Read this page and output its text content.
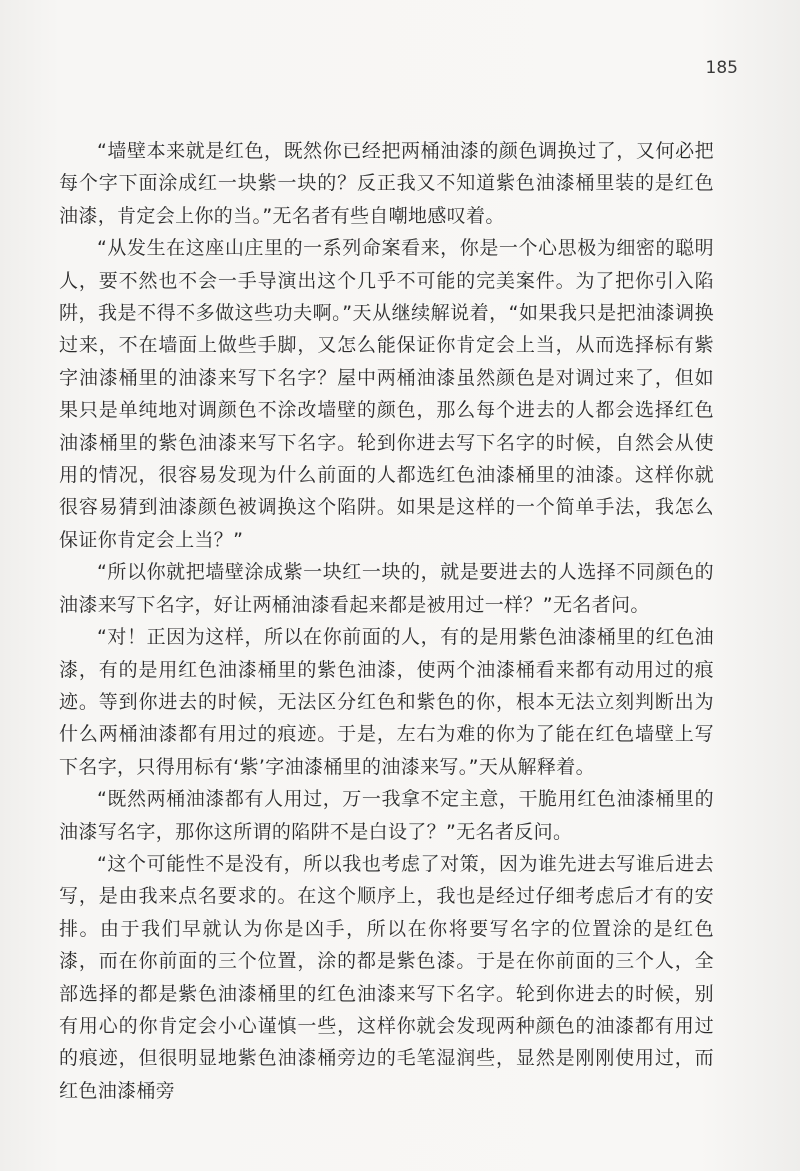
185

“墙壁本来就是红色，既然你已经把两桶油漆的颜色调换过了，又何必把每个字下面涂成红一块紫一块的？反正我又不知道紫色油漆桶里装的是红色油漆，肯定会上你的当。”无名者有些自嘲地感叹着。

“从发生在这座山庄里的一系列命案看来，你是一个心思极为细密的聪明人，要不然也不会一手导演出这个几乎不可能的完美案件。为了把你引入陷阱，我是不得不多做这些功夫啊。”天从继续解说着，“如果我只是把油漆调换过来，不在墙面上做些手脚，又怎么能保证你肯定会上当，从而选择标有紫字油漆桶里的油漆来写下名字？屋中两桶油漆虽然颜色是对调过来了，但如果只是单纯地对调颜色不涂改墙壁的颜色，那么每个进去的人都会选择红色油漆桶里的紫色油漆来写下名字。轮到你进去写下名字的时候，自然会从使用的情况，很容易发现为什么前面的人都选红色油漆桶里的油漆。这样你就很容易猜到油漆颜色被调换这个陷阱。如果是这样的一个简单手法，我怎么保证你肯定会上当？”

“所以你就把墙壁涂成紫一块红一块的，就是要进去的人选择不同颜色的油漆来写下名字，好让两桶油漆看起来都是被用过一样？”无名者问。

“对！正因为这样，所以在你前面的人，有的是用紫色油漆桶里的红色油漆，有的是用红色油漆桶里的紫色油漆，使两个油漆桶看来都有动用过的痕迹。等到你进去的时候，无法区分红色和紫色的你，根本无法立刻判断出为什么两桶油漆都有用过的痕迹。于是，左右为难的你为了能在红色墙壁上写下名字，只得用标有‘紫’字油漆桶里的油漆来写。”天从解释着。

“既然两桶油漆都有人用过，万一我拿不定主意，干脆用红色油漆桶里的油漆写名字，那你这所谓的陷阱不是白设了？”无名者反问。

“这个可能性不是没有，所以我也考虑了对策，因为谁先进去写谁后进去写，是由我来点名要求的。在这个顺序上，我也是经过仔细考虑后才有的安排。由于我们早就认为你是凶手，所以在你将要写名字的位置涂的是红色漆，而在你前面的三个位置，涂的都是紫色漆。于是在你前面的三个人，全部选择的都是紫色油漆桶里的红色油漆来写下名字。轮到你进去的时候，别有用心的你肯定会小心谨慎一些，这样你就会发现两种颜色的油漆都有用过的痕迹，但很明显地紫色油漆桶旁边的毛笔湿润些，显然是刚刚使用过，而红色油漆桶旁
